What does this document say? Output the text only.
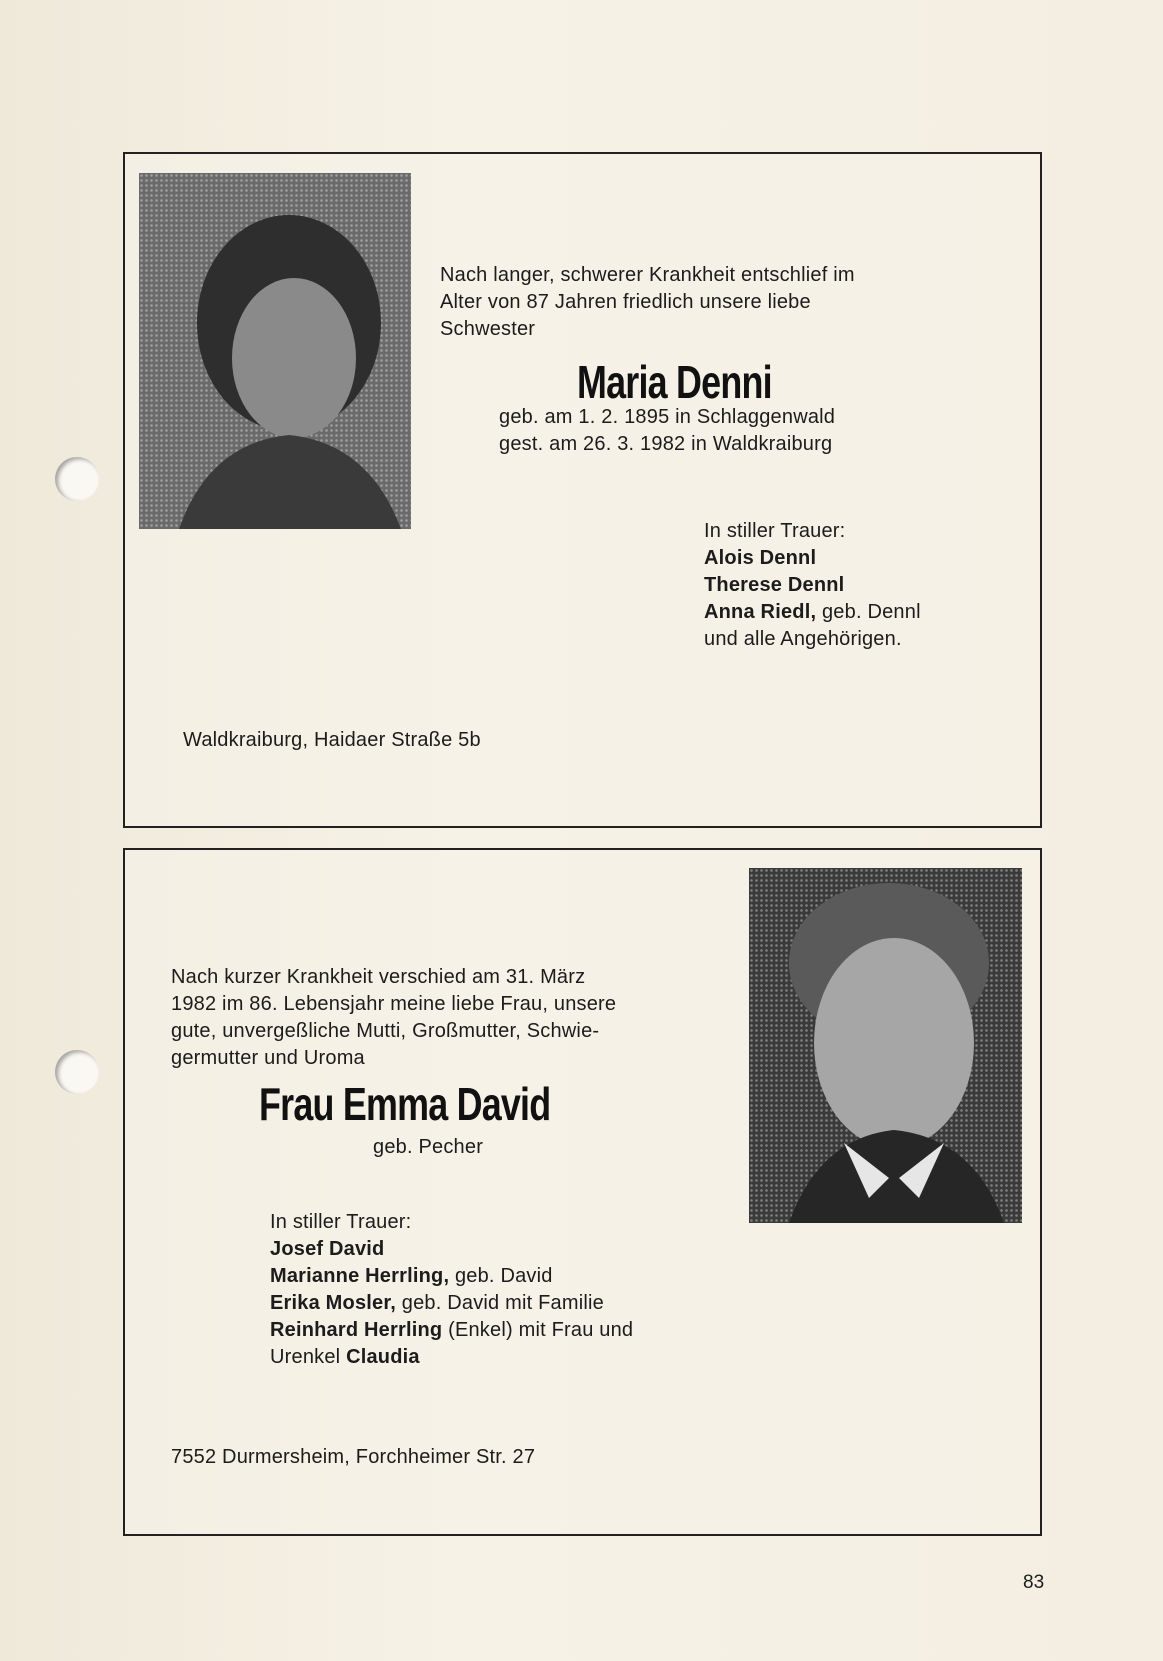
Nach langer, schwerer Krankheit entschlief im
Alter von 87 Jahren friedlich unsere liebe
Schwester
Maria Denni
geb. am 1. 2. 1895 in Schlaggenwald
gest. am 26. 3. 1982 in Waldkraiburg
In stiller Trauer:
Alois Dennl
Therese Dennl
Anna Riedl, geb. Dennl
und alle Angehörigen.
Waldkraiburg, Haidaer Straße 5b
Nach kurzer Krankheit verschied am 31. März
1982 im 86. Lebensjahr meine liebe Frau, unsere
gute, unvergeßliche Mutti, Großmutter, Schwie-
germutter und Uroma
Frau Emma David
geb. Pecher
In stiller Trauer:
Josef David
Marianne Herrling, geb. David
Erika Mosler, geb. David mit Familie
Reinhard Herrling (Enkel) mit Frau und
Urenkel Claudia
7552 Durmersheim, Forchheimer Str. 27
83
